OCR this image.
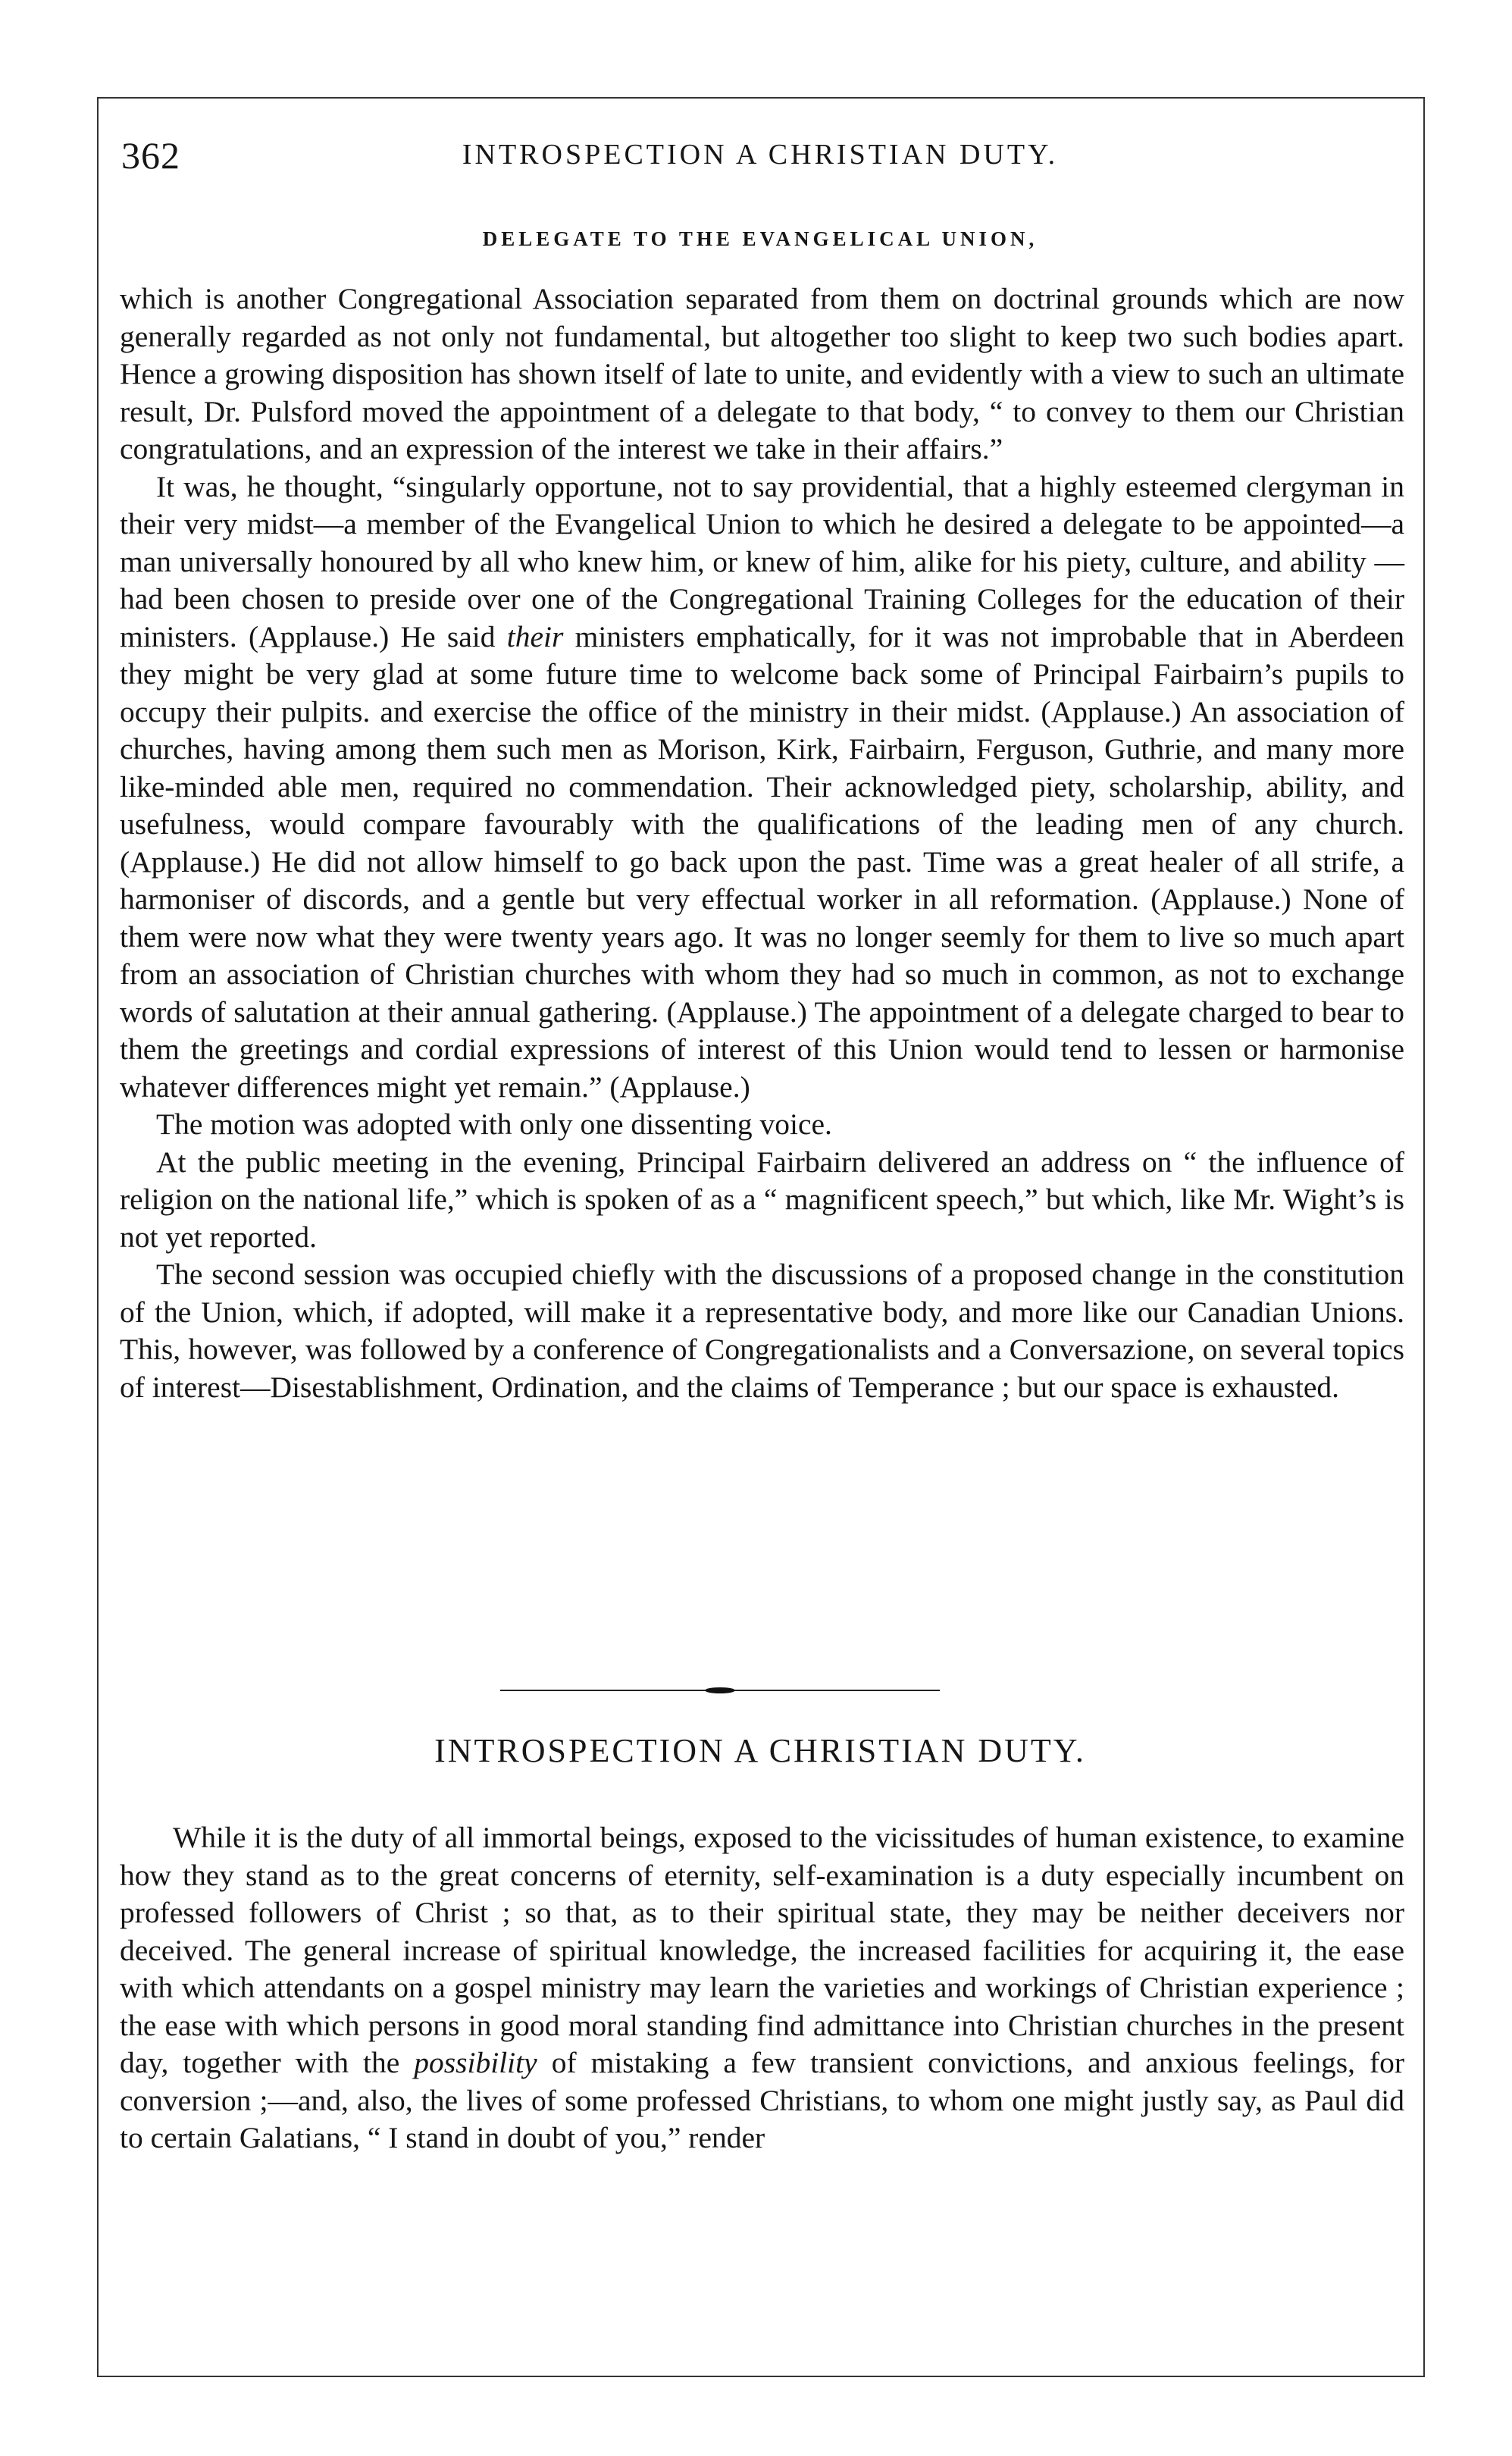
362	INTROSPECTION A CHRISTIAN DUTY.
DELEGATE TO THE EVANGELICAL UNION,

which is another Congregational Association separated from them on doctrinal grounds which are now generally regarded as not only not fundamental, but altogether too slight to keep two such bodies apart. Hence a growing disposition has shown itself of late to unite, and evidently with a view to such an ultimate result, Dr. Pulsford moved the appointment of a delegate to that body, “ to convey to them our Christian congratulations, and an expression of the interest we take in their affairs.”

It was, he thought, “singularly opportune, not to say providential, that a highly esteemed clergyman in their very midst—a member of the Evangelical Union to which he desired a delegate to be appointed—a man universally honoured by all who knew him, or knew of him, alike for his piety, culture, and ability —had been chosen to preside over one of the Congregational Training Colleges for the education of their ministers. (Applause.) He said their ministers emphatically, for it was not improbable that in Aberdeen they might be very glad at some future time to welcome back some of Principal Fairbairn’s pupils to occupy their pulpits. and exercise the office of the ministry in their midst. (Applause.) An association of churches, having among them such men as Morison, Kirk, Fairbairn, Ferguson, Guthrie, and many more like-minded able men, required no commendation. Their acknowledged piety, scholarship, ability, and usefulness, would compare favourably with the qualifications of the leading men of any church. (Applause.) He did not allow himself to go back upon the past. Time was a great healer of all strife, a harmoniser of discords, and a gentle but very effectual worker in all reformation. (Applause.) None of them were now what they were twenty years ago. It was no longer seemly for them to live so much apart from an association of Christian churches with whom they had so much in common, as not to exchange words of salutation at their annual gathering. (Applause.) The appointment of a delegate charged to bear to them the greetings and cordial expressions of interest of this Union would tend to lessen or harmonise whatever differences might yet remain.” (Applause.)

The motion was adopted with only one dissenting voice.

At the public meeting in the evening, Principal Fairbairn delivered an address on “ the influence of religion on the national life,” which is spoken of as a “ magnificent speech,” but which, like Mr. Wight’s is not yet reported.

The second session was occupied chiefly with the discussions of a proposed change in the constitution of the Union, which, if adopted, will make it a representative body, and more like our Canadian Unions. This, however, was followed by a conference of Congregationalists and a Conversazione, on several topics of interest—Disestablishment, Ordination, and the claims of Temperance ; but our space is exhausted.

INTROSPECTION A CHRISTIAN DUTY.

While it is the duty of all immortal beings, exposed to the vicissitudes of human existence, to examine how they stand as to the great concerns of eternity, self-examination is a duty especially incumbent on professed followers of Christ ; so that, as to their spiritual state, they may be neither deceivers nor deceived. The general increase of spiritual knowledge, the increased facilities for acquiring it, the ease with which attendants on a gospel ministry may learn the varieties and workings of Christian experience ; the ease with which persons in good moral standing find admittance into Christian churches in the present day, together with the possibility of mistaking a few transient convictions, and anxious feelings, for conversion ;—and, also, the lives of some professed Christians, to whom one might justly say, as Paul did to certain Galatians, “ I stand in doubt of you,” render
